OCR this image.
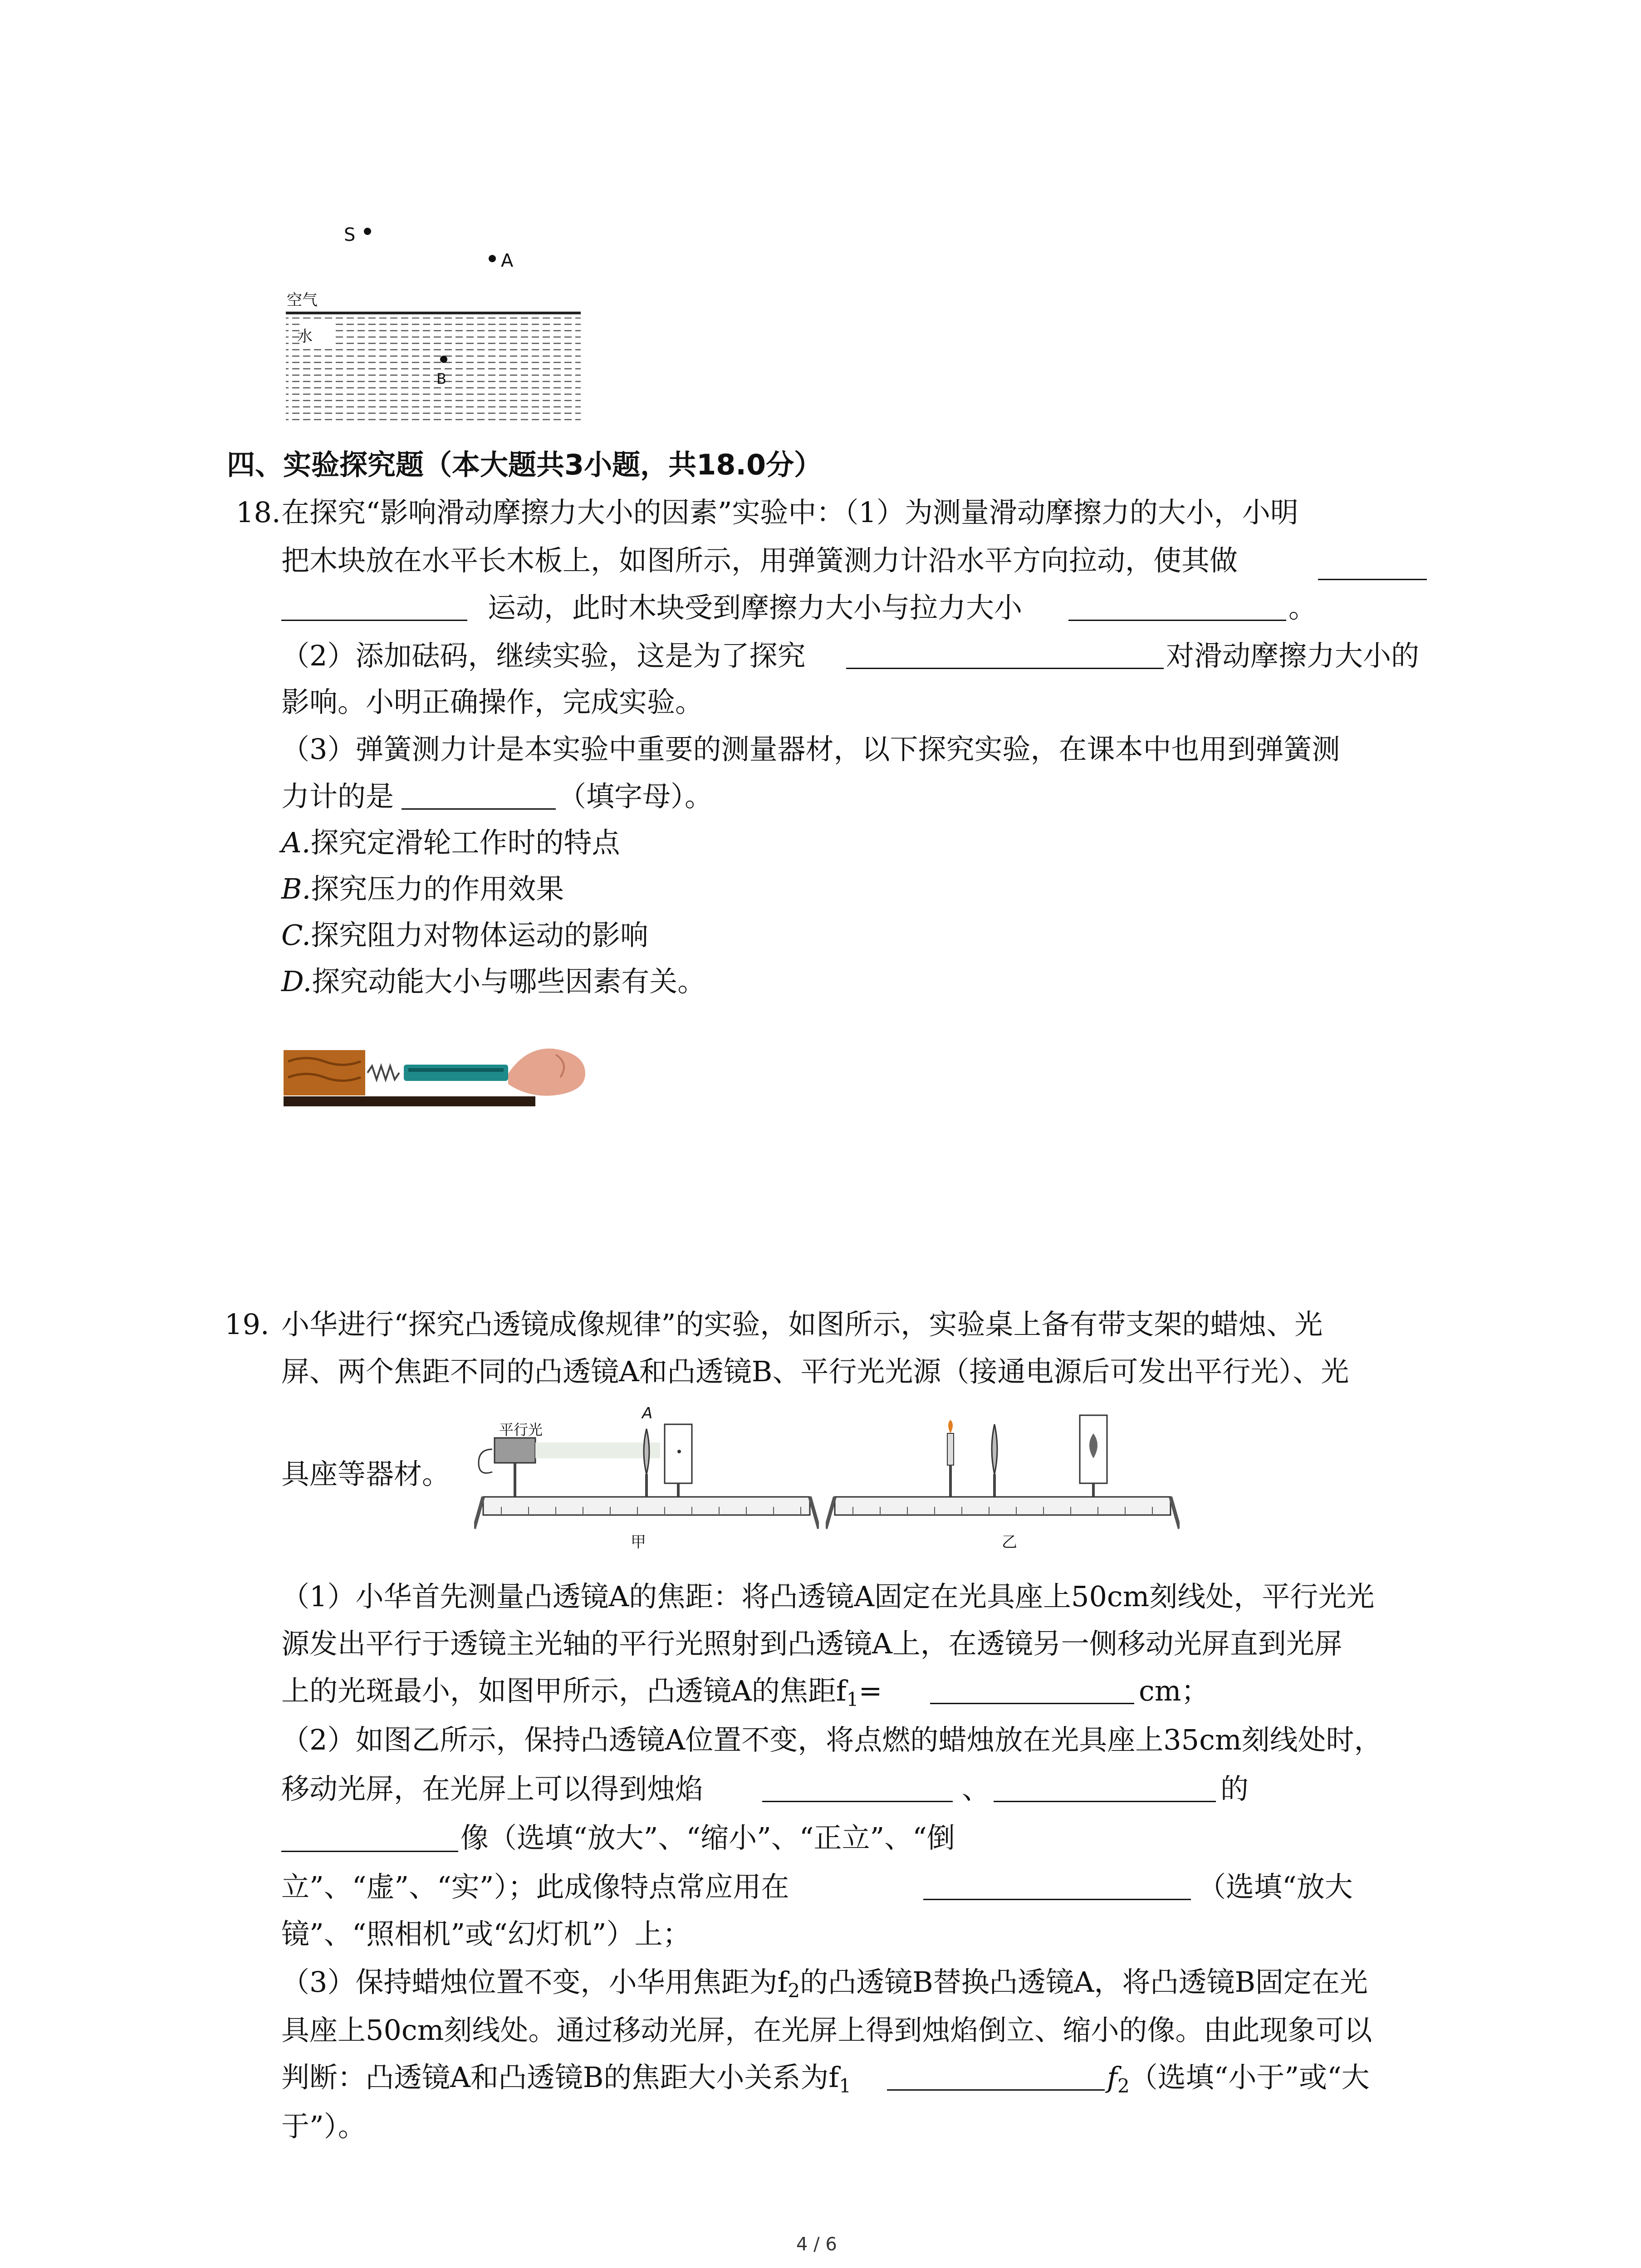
S
A
B
空气
水
四、实验探究题（本大题共3小题，共18.0分）
18. 在探究“影响滑动摩擦力大小的因素”实验中：（1）为测量滑动摩擦力的大小，小明
把木块放在水平长木板上，如图所示，用弹簧测力计沿水平方向拉动，使其做
运动，此时木块受到摩擦力大小与拉力大小	。
（2）添加砝码，继续实验，这是为了探究	对滑动摩擦力大小的
影响。小明正确操作，完成实验。
（3）弹簧测力计是本实验中重要的测量器材，以下探究实验，在课本中也用到弹簧测
力计的是	（填字母）。
A.探究定滑轮工作时的特点
B.探究压力的作用效果
C.探究阻力对物体运动的影响
D.探究动能大小与哪些因素有关。
19. 小华进行“探究凸透镜成像规律”的实验，如图所示，实验桌上备有带支架的蜡烛、光
屏、两个焦距不同的凸透镜A和凸透镜B、平行光光源（接通电源后可发出平行光）、光
具座等器材。
平行光
A
甲	乙
（1）小华首先测量凸透镜A的焦距：将凸透镜A固定在光具座上50cm刻线处，平行光光
源发出平行于透镜主光轴的平行光照射到凸透镜A上，在透镜另一侧移动光屏直到光屏
上的光斑最小，如图甲所示，凸透镜A的焦距$f_1=$	cm；
（2）如图乙所示，保持凸透镜A位置不变，将点燃的蜡烛放在光具座上35cm刻线处时，
移动光屏，在光屏上可以得到烛焰	、	的
像（选填“放大”、“缩小”、“正立”、“倒
立”、“虚”、“实”）；此成像特点常应用在	（选填“放大
镜”、“照相机”或“幻灯机”）上；
（3）保持蜡烛位置不变，小华用焦距为$f_2$的凸透镜B替换凸透镜A，将凸透镜B固定在光
具座上50cm刻线处。通过移动光屏，在光屏上得到烛焰倒立、缩小的像。由此现象可以
判断：凸透镜A和凸透镜B的焦距大小关系为$f_1$	$f_2$（选填“小于”或“大
于”）。
4 / 6
